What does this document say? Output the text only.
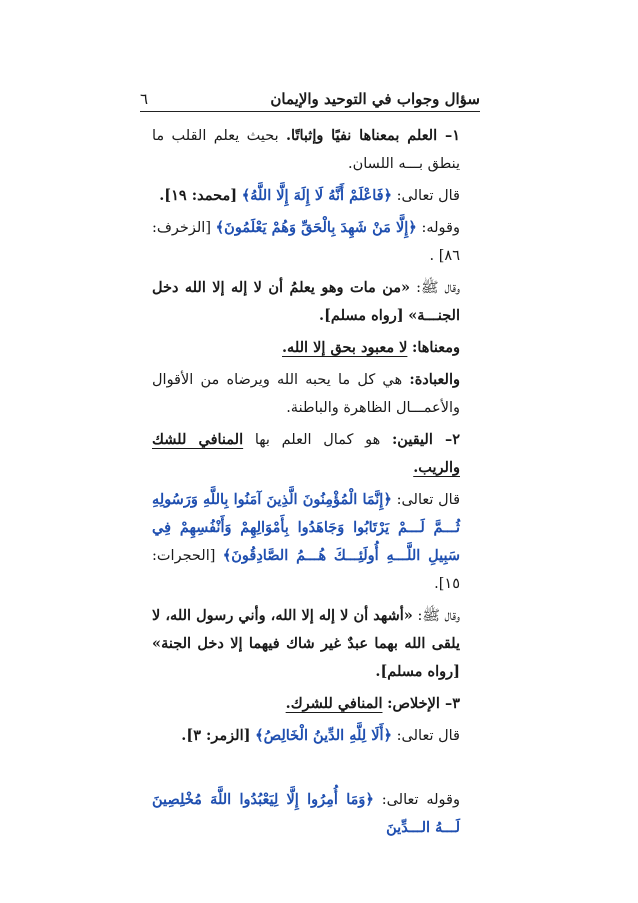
سؤال وجواب في التوحيد والإيمان
٦

١– العلم بمعناها نفيًا وإثباتًا. بحيث يعلم القلب ما ينطق بـــه اللسان.

قال تعالى: ﴿فَاعْلَمْ أَنَّهُ لَا إِلَهَ إِلَّا اللَّهُ﴾ [محمد: ١٩].

وقوله: ﴿إِلَّا مَنْ شَهِدَ بِالْحَقِّ وَهُمْ يَعْلَمُونَ﴾ [الزخرف: ٨٦] .

وقال ﷺ: «من مات وهو يعلمُ أن لا إله إلا الله دخل الجنـــة» [رواه مسلم].

ومعناها: لا معبود بحق إلا الله.

والعبادة: هي كل ما يحبه الله ويرضاه من الأقوال والأعمـــال الظاهرة والباطنة.

٢– اليقين: هو كمال العلم بها المنافي للشك والريب.

قال تعالى: ﴿إِنَّمَا الْمُؤْمِنُونَ الَّذِينَ آمَنُوا بِاللَّهِ وَرَسُولِهِ ثُـــمَّ لَـــمْ يَرْتَابُوا وَجَاهَدُوا بِأَمْوَالِهِمْ وَأَنْفُسِهِمْ فِي سَبِيلِ اللَّـــهِ أُولَئِـــكَ هُـــمُ الصَّادِقُونَ﴾ [الحجرات: ١٥].

وقال ﷺ: «أشهد أن لا إله إلا الله، وأني رسول الله، لا يلقى الله بهما عبدٌ غير شاك فيهما إلا دخل الجنة» [رواه مسلم].

٣– الإخلاص: المنافي للشرك.

قال تعالى: ﴿أَلَا لِلَّهِ الدِّينُ الْخَالِصُ﴾ [الزمر: ٣].

وقوله تعالى: ﴿وَمَا أُمِرُوا إِلَّا لِيَعْبُدُوا اللَّهَ مُخْلِصِينَ لَـــهُ الـــدِّينَ
